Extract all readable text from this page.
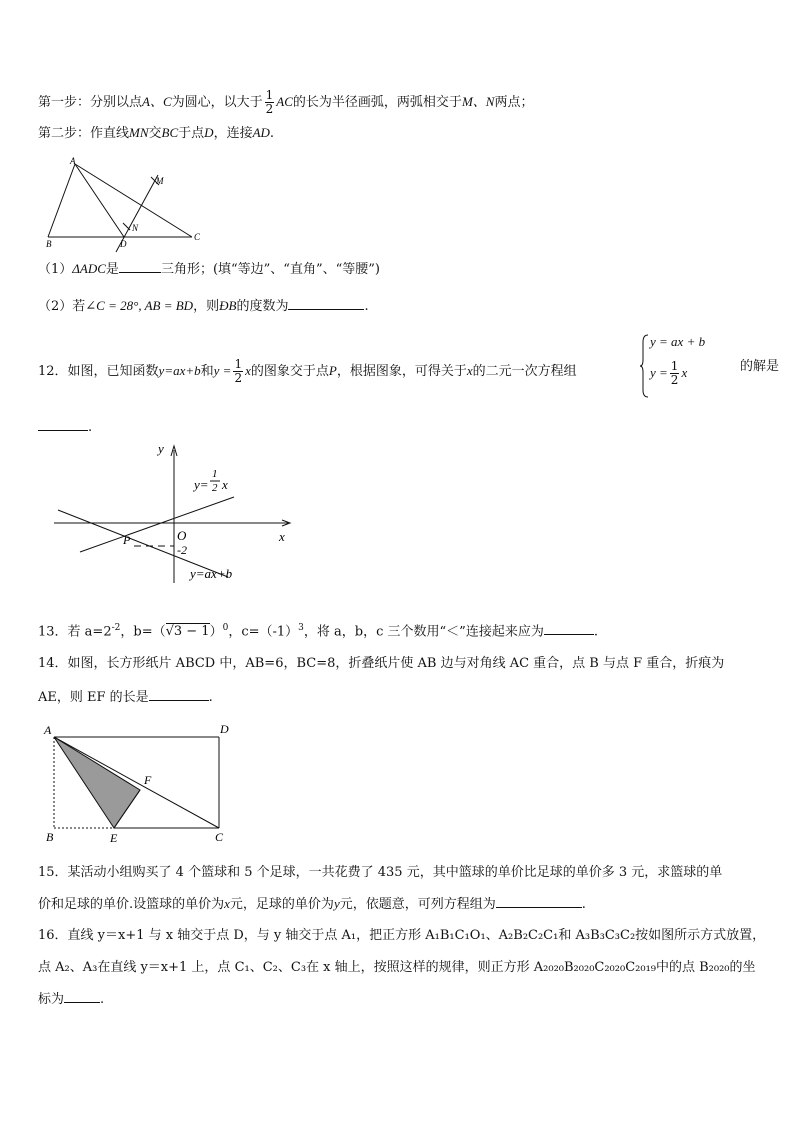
第一步：分别以点A、C为圆心，以大于 $\frac{1}{2}$ AC的长为半径画弧，两弧相交于M、N两点；
第二步：作直线MN交BC于点D，连接AD.
A
B
C
D
M
N
（1）ΔADC是	三角形；(填“等边”、“直角”、“等腰”)
（2）若∠C = 28°, AB = BD，则ÐB的度数为	.
12．如图，已知函数y=ax+b和$y = \frac{1}{2}$ x的图象交于点P，根据图象，可得关于x的二元一次方程组
y = ax + b
$y = \frac{1}{2}$ x	的解是
.
y
x
O
-2
P
y=
1
2 x
y=ax+b
13．若 $a=2^{-2}$，$b=(√3 - 1)^0$，$c=(-1)^3$，将 a，b，c 三个数用“＜”连接起来应为	.
14．如图，长方形纸片 ABCD 中，AB=6，BC=8，折叠纸片使 AB 边与对角线 AC 重合，点 B 与点 F 重合，折痕为
AE，则 EF 的长是	.
A	D
B	E	C
F
15．某活动小组购买了 4 个篮球和 5 个足球，一共花费了 435 元，其中篮球的单价比足球的单价多 3 元，求篮球的单
价和足球的单价.设篮球的单价为x元，足球的单价为y元，依题意，可列方程组为	.
16．直线 y＝x+1 与 x 轴交于点 D，与 y 轴交于点 A₁，把正方形 A₁B₁C₁O₁、A₂B₂C₂C₁和 A₃B₃C₃C₂按如图所示方式放置，
点 A₂、A₃在直线 y＝x+1 上，点 C₁、C₂、C₃在 x 轴上，按照这样的规律，则正方形 A₂₀₂₀B₂₀₂₀C₂₀₂₀C₂₀₁₉中的点 B₂₀₂₀的坐
标为	.
